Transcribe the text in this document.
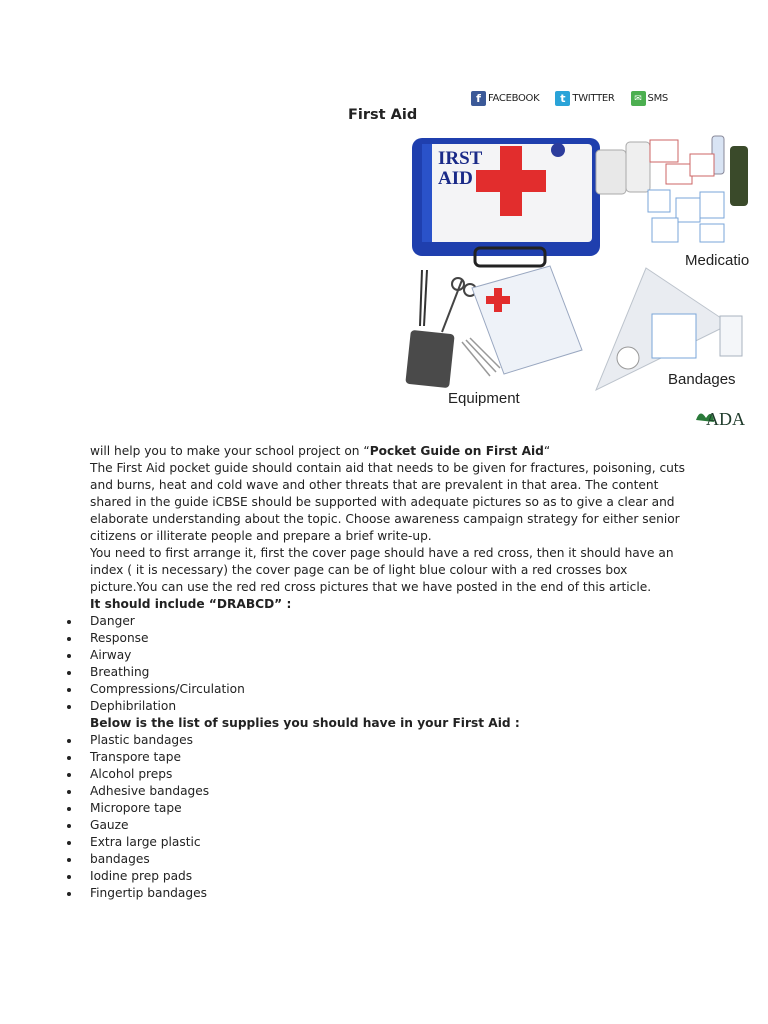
f FACEBOOK	t TWITTER	✉ SMS
First Aid
IRST
AID
Medicatio
Equipment
Bandages
ADA

will help you to make your school project on “Pocket Guide on First Aid“

The First Aid pocket guide should contain aid that needs to be given for fractures, poisoning, cuts and burns, heat and cold wave and other threats that are prevalent in that area. The content shared in the guide iCBSE should be supported with adequate pictures so as to give a clear and elaborate understanding about the topic. Choose awareness campaign strategy for either senior citizens or illiterate people and prepare a brief write-up.

You need to first arrange it, first the cover page should have a red cross, then it should have an index ( it is necessary) the cover page can be of light blue colour with a red crosses box picture.You can use the red red cross pictures that we have posted in the end of this article.

It should include “DRABCD” :

Danger
Response
Airway
Breathing
Compressions/Circulation
Dephibrilation

Below is the list of supplies you should have in your First Aid :

Plastic bandages
Transpore tape
Alcohol preps
Adhesive bandages
Micropore tape
Gauze
Extra large plastic
bandages
Iodine prep pads
Fingertip bandages
